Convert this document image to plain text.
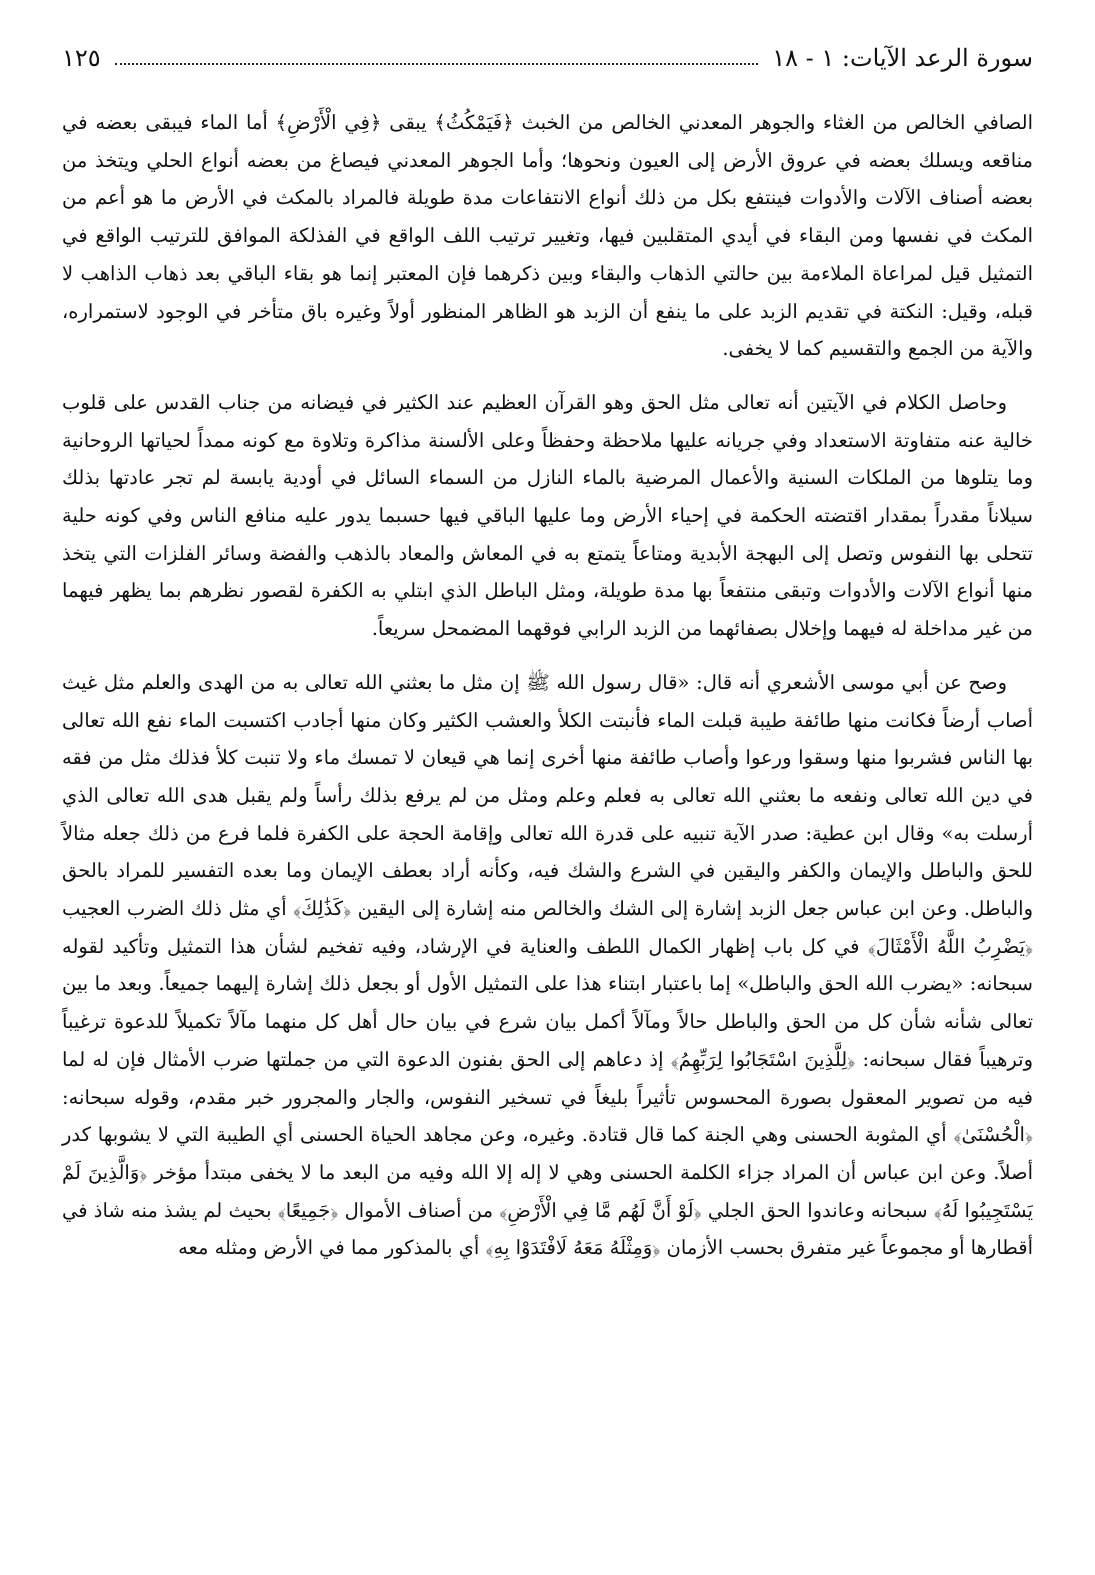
سورة الرعد الآيات: ١ - ١٨
١٢٥

الصافي الخالص من الغثاء والجوهر المعدني الخالص من الخبث ﴿فَيَمْكُثُ﴾ يبقى ﴿فِي الْأَرْضِ﴾ أما الماء فيبقى بعضه في مناقعه ويسلك بعضه في عروق الأرض إلى العيون ونحوها؛ وأما الجوهر المعدني فيصاغ من بعضه أنواع الحلي ويتخذ من بعضه أصناف الآلات والأدوات فينتفع بكل من ذلك أنواع الانتفاعات مدة طويلة فالمراد بالمكث في الأرض ما هو أعم من المكث في نفسها ومن البقاء في أيدي المتقلبين فيها، وتغيير ترتيب اللف الواقع في الفذلكة الموافق للترتيب الواقع في التمثيل قيل لمراعاة الملاءمة بين حالتي الذهاب والبقاء وبين ذكرهما فإن المعتبر إنما هو بقاء الباقي بعد ذهاب الذاهب لا قبله، وقيل: النكتة في تقديم الزبد على ما ينفع أن الزبد هو الظاهر المنظور أولاً وغيره باق متأخر في الوجود لاستمراره، والآية من الجمع والتقسيم كما لا يخفى.

وحاصل الكلام في الآيتين أنه تعالى مثل الحق وهو القرآن العظيم عند الكثير في فيضانه من جناب القدس على قلوب خالية عنه متفاوتة الاستعداد وفي جريانه عليها ملاحظة وحفظاً وعلى الألسنة مذاكرة وتلاوة مع كونه ممداً لحياتها الروحانية وما يتلوها من الملكات السنية والأعمال المرضية بالماء النازل من السماء السائل في أودية يابسة لم تجر عادتها بذلك سيلاناً مقدراً بمقدار اقتضته الحكمة في إحياء الأرض وما عليها الباقي فيها حسبما يدور عليه منافع الناس وفي كونه حلية تتحلى بها النفوس وتصل إلى البهجة الأبدية ومتاعاً يتمتع به في المعاش والمعاد بالذهب والفضة وسائر الفلزات التي يتخذ منها أنواع الآلات والأدوات وتبقى منتفعاً بها مدة طويلة، ومثل الباطل الذي ابتلي به الكفرة لقصور نظرهم بما يظهر فيهما من غير مداخلة له فيهما وإخلال بصفائهما من الزبد الرابي فوقهما المضمحل سريعاً.

وصح عن أبي موسى الأشعري أنه قال: «قال رسول الله ﷺ إن مثل ما بعثني الله تعالى به من الهدى والعلم مثل غيث أصاب أرضاً فكانت منها طائفة طيبة قبلت الماء فأنبتت الكلأ والعشب الكثير وكان منها أجادب اكتسبت الماء نفع الله تعالى بها الناس فشربوا منها وسقوا ورعوا وأصاب طائفة منها أخرى إنما هي قيعان لا تمسك ماء ولا تنبت كلأ فذلك مثل من فقه في دين الله تعالى ونفعه ما بعثني الله تعالى به فعلم وعلم ومثل من لم يرفع بذلك رأساً ولم يقبل هدى الله تعالى الذي أرسلت به» وقال ابن عطية: صدر الآية تنبيه على قدرة الله تعالى وإقامة الحجة على الكفرة فلما فرع من ذلك جعله مثالاً للحق والباطل والإيمان والكفر واليقين في الشرع والشك فيه، وكأنه أراد بعطف الإيمان وما بعده التفسير للمراد بالحق والباطل. وعن ابن عباس جعل الزبد إشارة إلى الشك والخالص منه إشارة إلى اليقين ﴿كَذَٰلِكَ﴾ أي مثل ذلك الضرب العجيب ﴿يَضْرِبُ اللَّهُ الْأَمْثَالَ﴾ في كل باب إظهار الكمال اللطف والعناية في الإرشاد، وفيه تفخيم لشأن هذا التمثيل وتأكيد لقوله سبحانه: «يضرب الله الحق والباطل» إما باعتبار ابتناء هذا على التمثيل الأول أو بجعل ذلك إشارة إليهما جميعاً. وبعد ما بين تعالى شأنه شأن كل من الحق والباطل حالاً ومآلاً أكمل بيان شرع في بيان حال أهل كل منهما مآلاً تكميلاً للدعوة ترغيباً وترهيباً فقال سبحانه: ﴿لِلَّذِينَ اسْتَجَابُوا لِرَبِّهِمُ﴾ إذ دعاهم إلى الحق بفنون الدعوة التي من جملتها ضرب الأمثال فإن له لما فيه من تصوير المعقول بصورة المحسوس تأثيراً بليغاً في تسخير النفوس، والجار والمجرور خبر مقدم، وقوله سبحانه: ﴿الْحُسْنَىٰ﴾ أي المثوبة الحسنى وهي الجنة كما قال قتادة. وغيره، وعن مجاهد الحياة الحسنى أي الطيبة التي لا يشوبها كدر أصلاً. وعن ابن عباس أن المراد جزاء الكلمة الحسنى وهي لا إله إلا الله وفيه من البعد ما لا يخفى مبتدأ مؤخر ﴿وَالَّذِينَ لَمْ يَسْتَجِيبُوا لَهُ﴾ سبحانه وعاندوا الحق الجلي ﴿لَوْ أَنَّ لَهُم مَّا فِي الْأَرْضِ﴾ من أصناف الأموال ﴿جَمِيعًا﴾ بحيث لم يشذ منه شاذ في أقطارها أو مجموعاً غير متفرق بحسب الأزمان ﴿وَمِثْلَهُ مَعَهُ لَافْتَدَوْا بِهِ﴾ أي بالمذكور مما في الأرض ومثله معه
